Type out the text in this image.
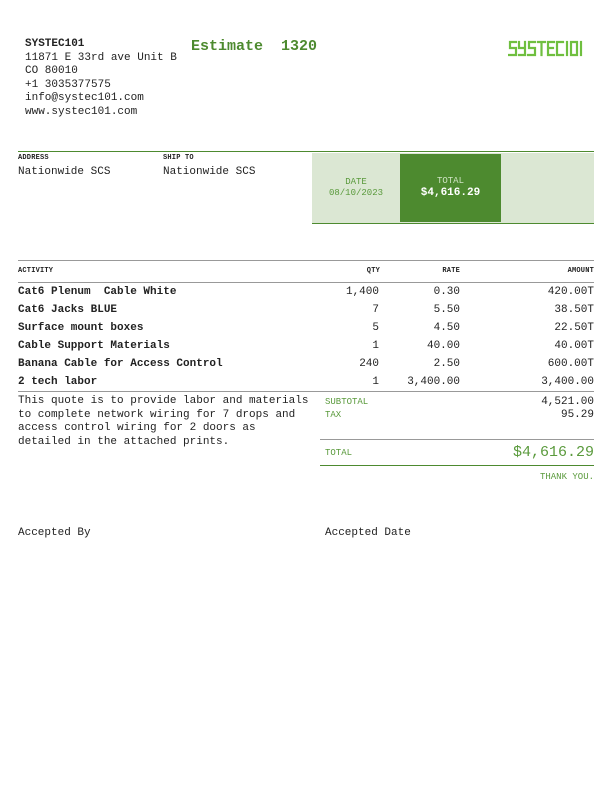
SYSTEC101
11871 E 33rd ave Unit B
CO 80010
+1 3035377575
info@systec101.com
www.systec101.com
Estimate  1320
ADDRESS
Nationwide SCS
SHIP TO
Nationwide SCS
DATE
08/10/2023
TOTAL
$4,616.29
ACTIVITY	QTY	RATE	AMOUNT
Cat6 Plenum  Cable White	1,400	0.30	420.00T
Cat6 Jacks BLUE	7	5.50	38.50T
Surface mount boxes	5	4.50	22.50T
Cable Support Materials	1	40.00	40.00T
Banana Cable for Access Control	240	2.50	600.00T
2 tech labor	1	3,400.00	3,400.00
This quote is to provide labor and materials to complete network wiring for 7 drops and access control wiring for 2 doors as detailed in the attached prints.
SUBTOTAL	4,521.00
TAX	95.29
TOTAL	$4,616.29
THANK YOU.
Accepted By	Accepted Date
